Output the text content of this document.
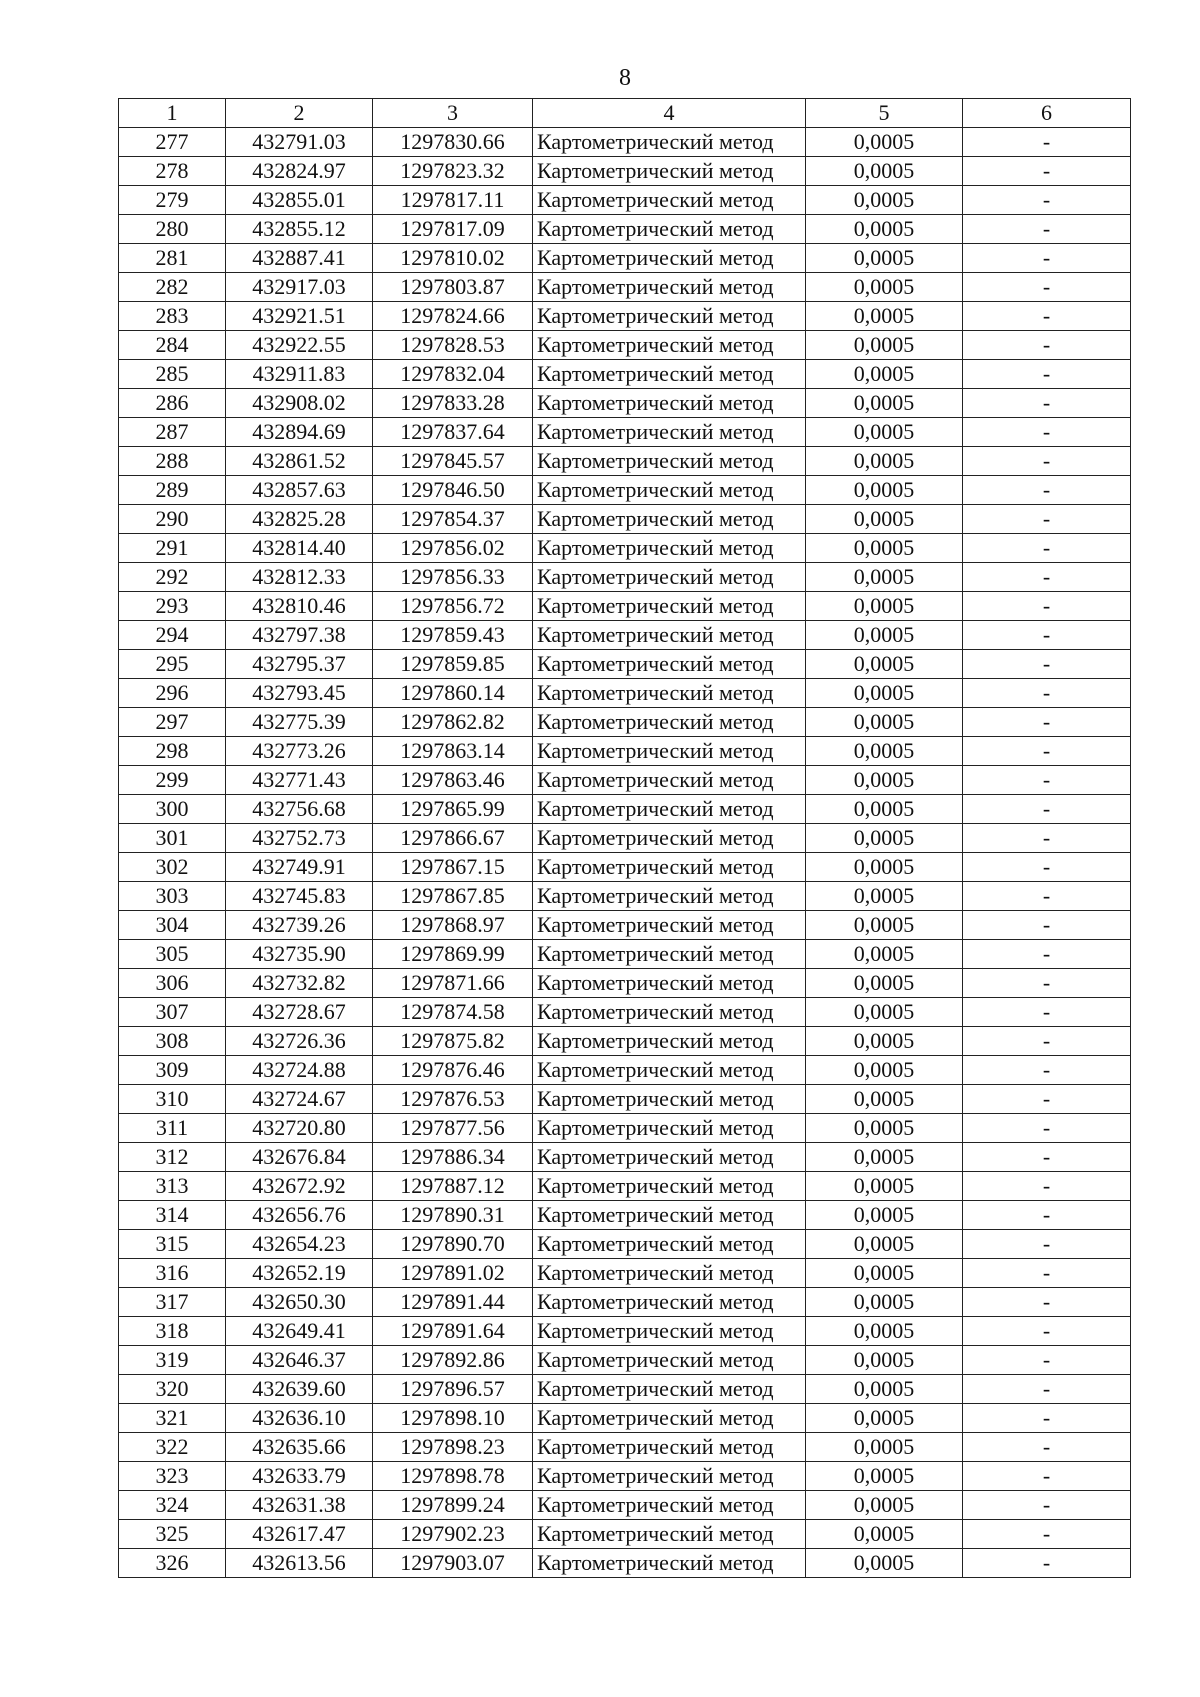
8
1	2	3	4	5	6
277	432791.03	1297830.66	Картометрический метод	0,0005	-
278	432824.97	1297823.32	Картометрический метод	0,0005	-
279	432855.01	1297817.11	Картометрический метод	0,0005	-
280	432855.12	1297817.09	Картометрический метод	0,0005	-
281	432887.41	1297810.02	Картометрический метод	0,0005	-
282	432917.03	1297803.87	Картометрический метод	0,0005	-
283	432921.51	1297824.66	Картометрический метод	0,0005	-
284	432922.55	1297828.53	Картометрический метод	0,0005	-
285	432911.83	1297832.04	Картометрический метод	0,0005	-
286	432908.02	1297833.28	Картометрический метод	0,0005	-
287	432894.69	1297837.64	Картометрический метод	0,0005	-
288	432861.52	1297845.57	Картометрический метод	0,0005	-
289	432857.63	1297846.50	Картометрический метод	0,0005	-
290	432825.28	1297854.37	Картометрический метод	0,0005	-
291	432814.40	1297856.02	Картометрический метод	0,0005	-
292	432812.33	1297856.33	Картометрический метод	0,0005	-
293	432810.46	1297856.72	Картометрический метод	0,0005	-
294	432797.38	1297859.43	Картометрический метод	0,0005	-
295	432795.37	1297859.85	Картометрический метод	0,0005	-
296	432793.45	1297860.14	Картометрический метод	0,0005	-
297	432775.39	1297862.82	Картометрический метод	0,0005	-
298	432773.26	1297863.14	Картометрический метод	0,0005	-
299	432771.43	1297863.46	Картометрический метод	0,0005	-
300	432756.68	1297865.99	Картометрический метод	0,0005	-
301	432752.73	1297866.67	Картометрический метод	0,0005	-
302	432749.91	1297867.15	Картометрический метод	0,0005	-
303	432745.83	1297867.85	Картометрический метод	0,0005	-
304	432739.26	1297868.97	Картометрический метод	0,0005	-
305	432735.90	1297869.99	Картометрический метод	0,0005	-
306	432732.82	1297871.66	Картометрический метод	0,0005	-
307	432728.67	1297874.58	Картометрический метод	0,0005	-
308	432726.36	1297875.82	Картометрический метод	0,0005	-
309	432724.88	1297876.46	Картометрический метод	0,0005	-
310	432724.67	1297876.53	Картометрический метод	0,0005	-
311	432720.80	1297877.56	Картометрический метод	0,0005	-
312	432676.84	1297886.34	Картометрический метод	0,0005	-
313	432672.92	1297887.12	Картометрический метод	0,0005	-
314	432656.76	1297890.31	Картометрический метод	0,0005	-
315	432654.23	1297890.70	Картометрический метод	0,0005	-
316	432652.19	1297891.02	Картометрический метод	0,0005	-
317	432650.30	1297891.44	Картометрический метод	0,0005	-
318	432649.41	1297891.64	Картометрический метод	0,0005	-
319	432646.37	1297892.86	Картометрический метод	0,0005	-
320	432639.60	1297896.57	Картометрический метод	0,0005	-
321	432636.10	1297898.10	Картометрический метод	0,0005	-
322	432635.66	1297898.23	Картометрический метод	0,0005	-
323	432633.79	1297898.78	Картометрический метод	0,0005	-
324	432631.38	1297899.24	Картометрический метод	0,0005	-
325	432617.47	1297902.23	Картометрический метод	0,0005	-
326	432613.56	1297903.07	Картометрический метод	0,0005	-
